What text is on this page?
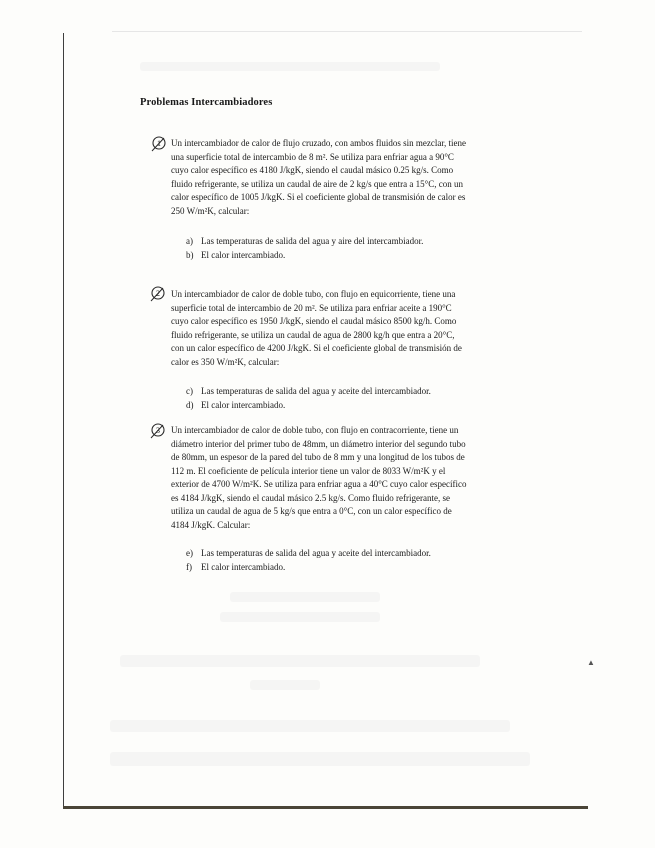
▲
Problemas Intercambiadores
1 Un intercambiador de calor de flujo cruzado, con ambos fluidos sin mezclar, tiene

una superficie total de intercambio de 8 m². Se utiliza para enfriar agua a 90°C

cuyo calor específico es 4180 J/kgK, siendo el caudal másico 0.25 kg/s. Como

fluido refrigerante, se utiliza un caudal de aire de 2 kg/s que entra a 15°C, con un

calor específico de 1005 J/kgK. Si el coeficiente global de transmisión de calor es

250 W/m²K, calcular:

a) Las temperaturas de salida del agua y aire del intercambiador.
b) El calor intercambiado.
2 Un intercambiador de calor de doble tubo, con flujo en equicorriente, tiene una

superficie total de intercambio de 20 m². Se utiliza para enfriar aceite a 190°C

cuyo calor específico es 1950 J/kgK, siendo el caudal másico 8500 kg/h. Como

fluido refrigerante, se utiliza un caudal de agua de 2800 kg/h que entra a 20°C,

con un calor específico de 4200 J/kgK. Si el coeficiente global de transmisión de

calor es 350 W/m²K, calcular:

c) Las temperaturas de salida del agua y aceite del intercambiador.
d) El calor intercambiado.
3 Un intercambiador de calor de doble tubo, con flujo en contracorriente, tiene un

diámetro interior del primer tubo de 48mm, un diámetro interior del segundo tubo

de 80mm, un espesor de la pared del tubo de 8 mm y una longitud de los tubos de

112 m. El coeficiente de película interior tiene un valor de 8033 W/m²K y el

exterior de 4700 W/m²K. Se utiliza para enfriar agua a 40°C cuyo calor específico

es 4184 J/kgK, siendo el caudal másico 2.5 kg/s. Como fluido refrigerante, se

utiliza un caudal de agua de 5 kg/s que entra a 0°C, con un calor específico de

4184 J/kgK. Calcular:

e) Las temperaturas de salida del agua y aceite del intercambiador.
f) El calor intercambiado.
